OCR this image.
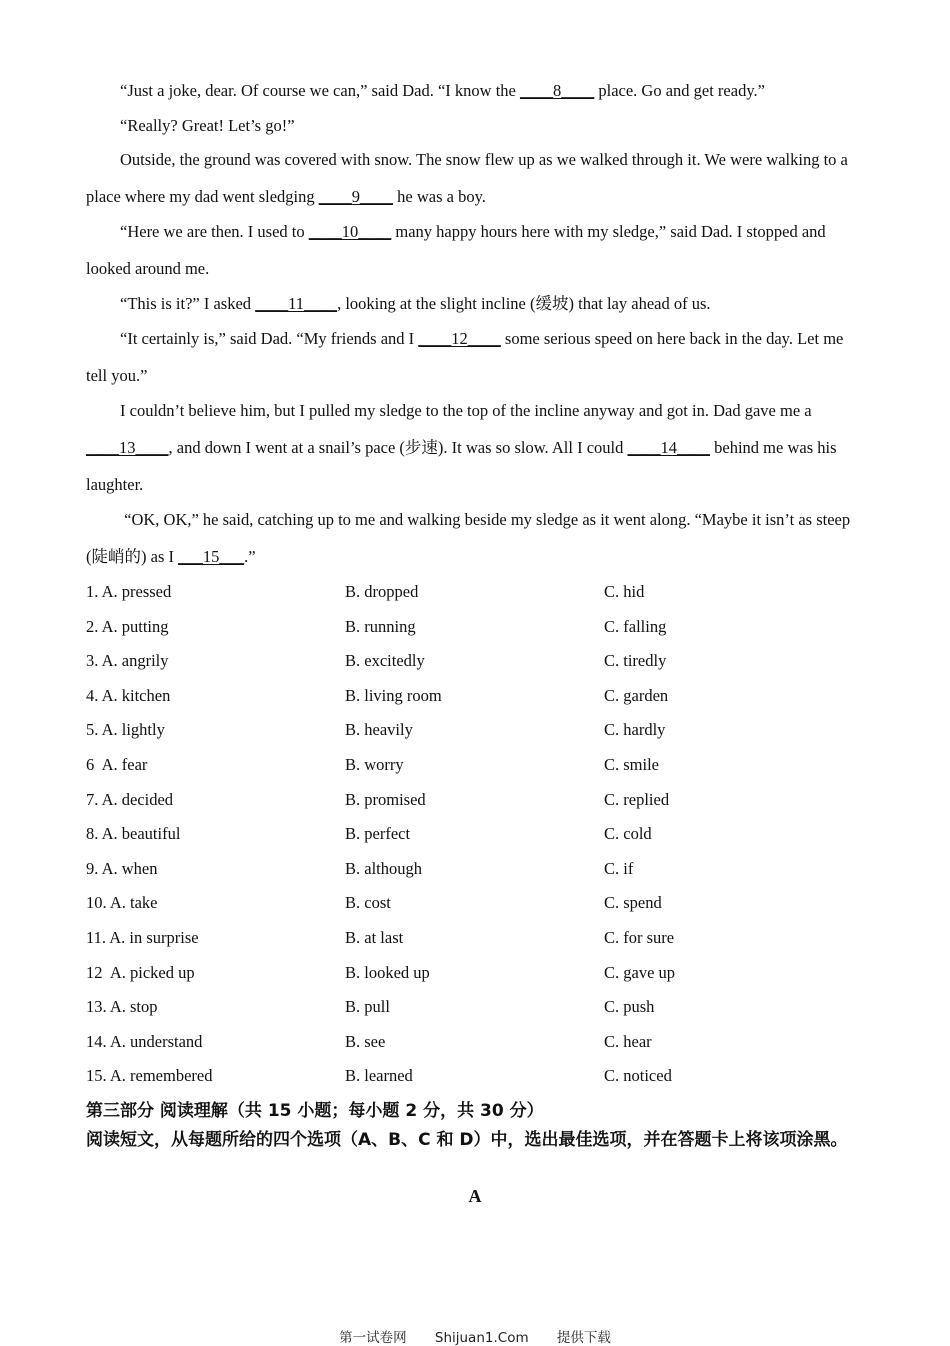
“Just a joke, dear. Of course we can,” said Dad. “I know the ____8____ place. Go and get ready.”

“Really? Great! Let’s go!”

Outside, the ground was covered with snow. The snow flew up as we walked through it. We were walking to a place where my dad went sledging ____9____ he was a boy.

“Here we are then. I used to ____10____ many happy hours here with my sledge,” said Dad. I stopped and looked around me.

“This is it?” I asked ____11____, looking at the slight incline (缓坡) that lay ahead of us.

“It certainly is,” said Dad. “My friends and I ____12____ some serious speed on here back in the day. Let me tell you.”

I couldn’t believe him, but I pulled my sledge to the top of the incline anyway and got in. Dad gave me a ____13____, and down I went at a snail’s pace (步速). It was so slow. All I could ____14____ behind me was his laughter.

“OK, OK,” he said, catching up to me and walking beside my sledge as it went along. “Maybe it isn’t as steep (陡峭的) as I ___15___.”

1. A. pressed	B. dropped	C. hid
2. A. putting	B. running	C. falling
3. A. angrily	B. excitedly	C. tiredly
4. A. kitchen	B. living room	C. garden
5. A. lightly	B. heavily	C. hardly
6  A. fear	B. worry	C. smile
7. A. decided	B. promised	C. replied
8. A. beautiful	B. perfect	C. cold
9. A. when	B. although	C. if
10. A. take	B. cost	C. spend
11. A. in surprise	B. at last	C. for sure
12  A. picked up	B. looked up	C. gave up
13. A. stop	B. pull	C. push
14. A. understand	B. see	C. hear
15. A. remembered	B. learned	C. noticed

第三部分 阅读理解（共 15 小题；每小题 2 分，共 30 分）

阅读短文，从每题所给的四个选项（A、B、C 和 D）中，选出最佳选项，并在答题卡上将该项涂黑。

A
第一试卷网 Shijuan1.Com 提供下载
